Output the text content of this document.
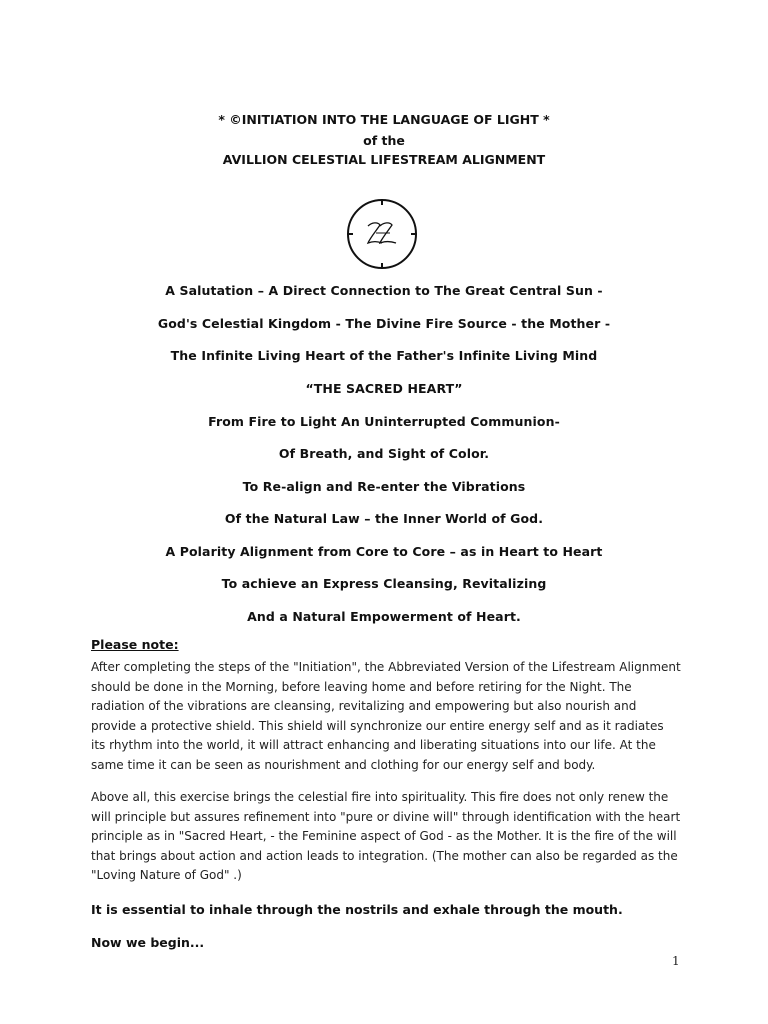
* ©INITIATION INTO THE LANGUAGE OF LIGHT *
of the
AVILLION CELESTIAL LIFESTREAM ALIGNMENT
A Salutation – A Direct Connection to The Great Central Sun -
God's Celestial Kingdom - The Divine Fire Source - the Mother -
The Infinite Living Heart of the Father's Infinite Living Mind
“THE SACRED HEART”
From Fire to Light An Uninterrupted Communion-
Of Breath, and Sight of Color.
To Re-align and Re-enter the Vibrations
Of the Natural Law – the Inner World of God.
A Polarity Alignment from Core to Core – as in Heart to Heart
To achieve an Express Cleansing, Revitalizing
And a Natural Empowerment of Heart.
Please note:
After completing the steps of the "Initiation", the Abbreviated Version of the Lifestream Alignment should be done in the Morning, before leaving home and before retiring for the Night. The radiation of the vibrations are cleansing, revitalizing and empowering but also nourish and provide a protective shield. This shield will synchronize our entire energy self and as it radiates its rhythm into the world, it will attract enhancing and liberating situations into our life. At the same time it can be seen as nourishment and clothing for our energy self and body.
Above all, this exercise brings the celestial fire into spirituality. This fire does not only renew the will principle but assures refinement into "pure or divine will" through identification with the heart principle as in "Sacred Heart, - the Feminine aspect of God - as the Mother. It is the fire of the will that brings about action and action leads to integration. (The mother can also be regarded as the "Loving Nature of God" .)
It is essential to inhale through the nostrils and exhale through the mouth.
Now we begin...
1
